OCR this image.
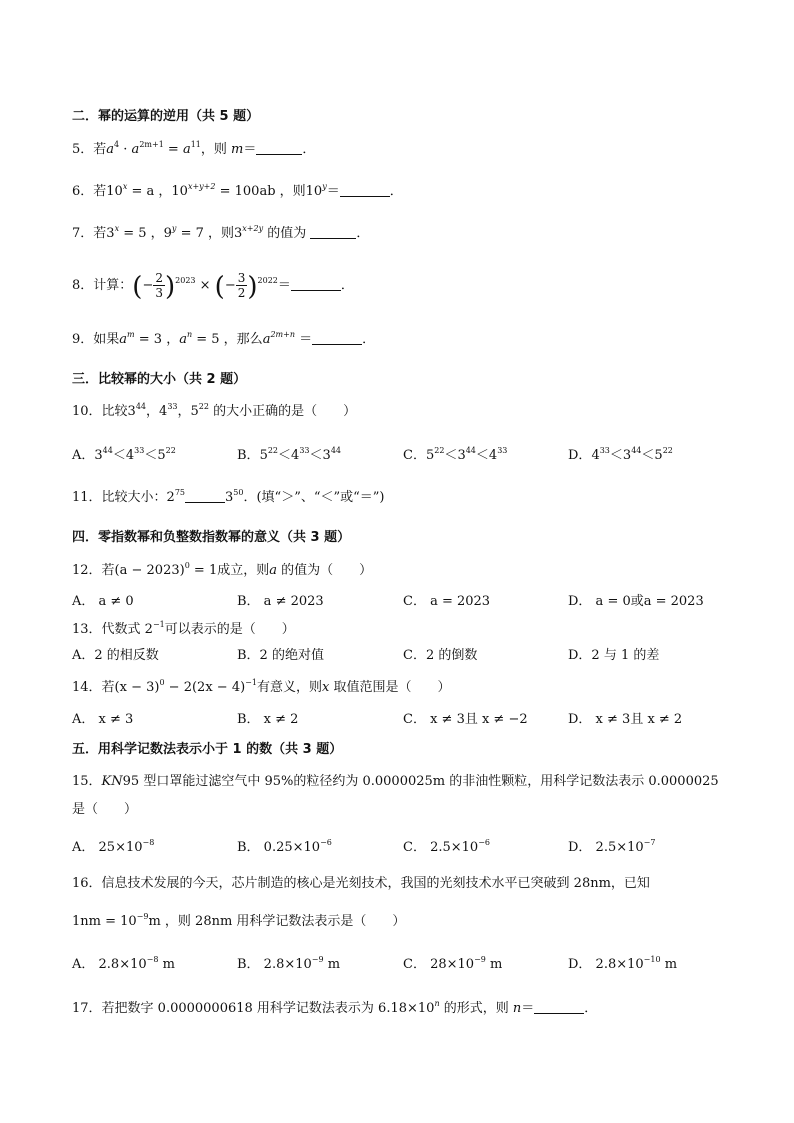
二．幂的运算的逆用（共 5 题）
5．若$a^4 \cdot a^{2m+1} = a^{11}$，则 m＝	．
6．若$10^x = a$ ，$10^{x+y+2} = 100ab$ ，则$10^y=$	．
7．若$3^x = 5$ ，$9^y = 7$ ，则$3^{x+2y}$ 的值为	．
8．计算：(− $\frac{2}{3} )^{2023}$ × (− $\frac{3}{2} )^{2022}=$	．
9．如果$a^m = 3$ ，$a^n = 5$ ，那么$a^{2m+n}$ ＝	．
三．比较幂的大小（共 2 题）
10．比较$3^{44}$，$4^{33}$，$5^{22}$ 的大小正确的是（　　）
A．$3^{44}<4^{33}<5^{22}$	B．$5^{22}<4^{33}<3^{44}$	C．$5^{22}<3^{44}<4^{33}$	D．$4^{33}<3^{44}<5^{22}$
11．比较大小：$2^{75}$	$3^{50}$．(填“＞”、“＜”或“＝”)
四．零指数幂和负整数指数幂的意义（共 3 题）
12．若$(a - 2023)^0 = 1$成立，则a 的值为（　　）
A． a ≠ 0	B． a ≠ 2023	C． a = 2023	D． a = 0或a = 2023
13．代数式 $2^{-1}$可以表示的是（　　）
A．2 的相反数	B．2 的绝对值	C．2 的倒数	D．2 与 1 的差
14．若$(x - 3)^0 - 2(2x - 4)^{-1}$有意义，则x 取值范围是（　　）
A． x ≠ 3	B． x ≠ 2	C． x ≠ 3且 x ≠ −2	D． x ≠ 3且 x ≠ 2
五．用科学记数法表示小于 1 的数（共 3 题）
15．KN95 型口罩能过滤空气中 95%的粒径约为 0.0000025m 的非油性颗粒，用科学记数法表示 0.0000025
是（　　）
A． $25\times 10^{-8}$	B． $0.25\times 10^{-6}$	C． $2.5\times 10^{-6}$	D． $2.5\times 10^{-7}$
16．信息技术发展的今天，芯片制造的核心是光刻技术，我国的光刻技术水平已突破到 28nm，已知
$1nm = 10^{-9}m$ ，则 28nm 用科学记数法表示是（　　）
A． $2.8\times 10^{-8}$ m	B． $2.8\times 10^{-9}$ m	C． $28\times 10^{-9}$ m	D． $2.8\times 10^{-10}$ m
17．若把数字 0.0000000618 用科学记数法表示为 $6.18\times 10^n$ 的形式，则 n＝	．
